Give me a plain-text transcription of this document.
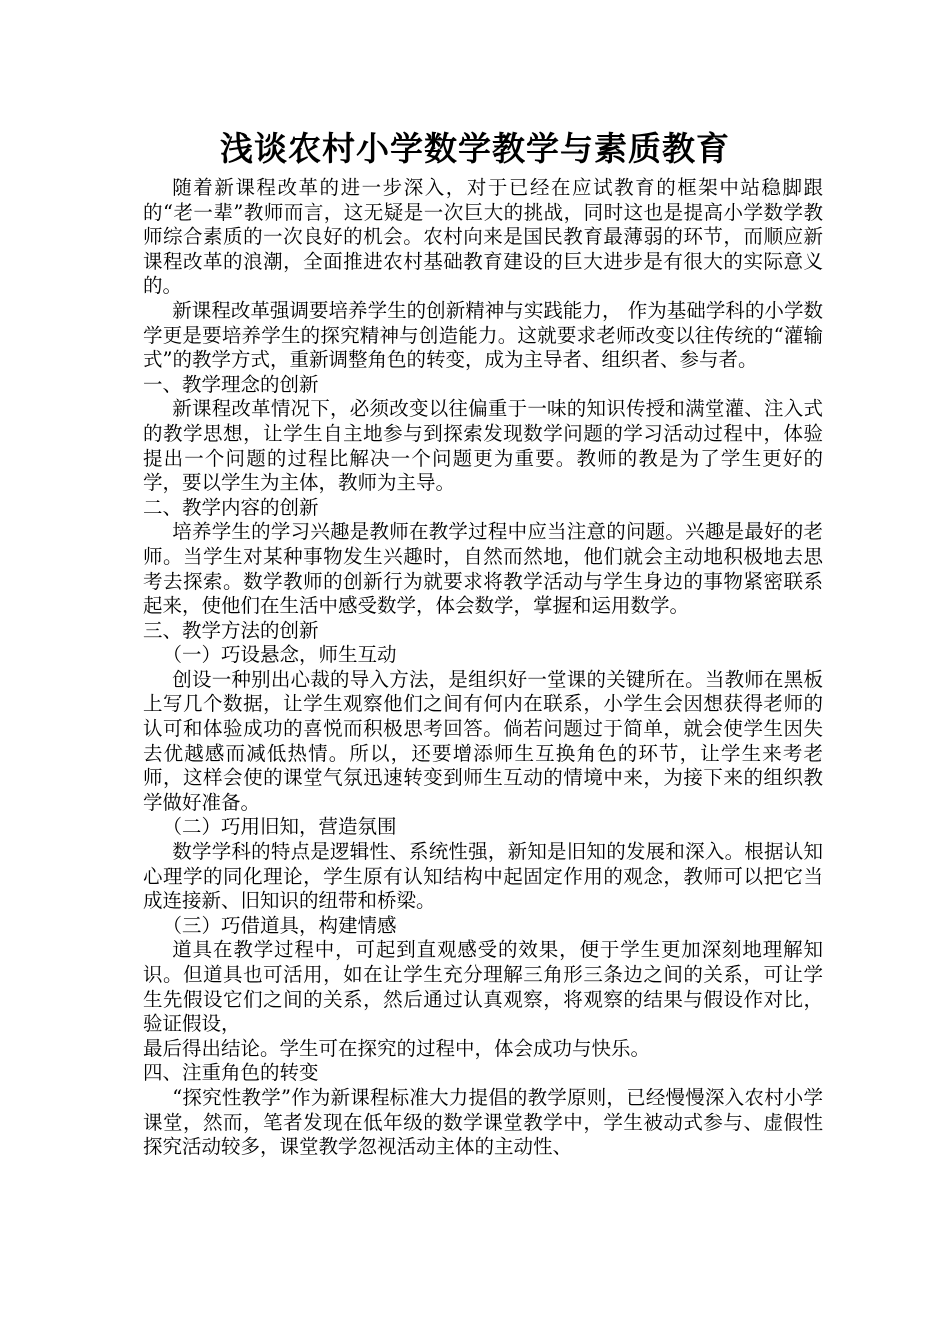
浅谈农村小学数学教学与素质教育

随着新课程改革的进一步深入，对于已经在应试教育的框架中站稳脚跟的“老一辈”教师而言，这无疑是一次巨大的挑战，同时这也是提高小学数学教师综合素质的一次良好的机会。农村向来是国民教育最薄弱的环节，而顺应新课程改革的浪潮，全面推进农村基础教育建设的巨大进步是有很大的实际意义的。

新课程改革强调要培养学生的创新精神与实践能力， 作为基础学科的小学数学更是要培养学生的探究精神与创造能力。这就要求老师改变以往传统的“灌输式”的教学方式，重新调整角色的转变，成为主导者、组织者、参与者。

一、教学理念的创新

新课程改革情况下，必须改变以往偏重于一味的知识传授和满堂灌、注入式的教学思想，让学生自主地参与到探索发现数学问题的学习活动过程中，体验提出一个问题的过程比解决一个问题更为重要。教师的教是为了学生更好的学，要以学生为主体，教师为主导。

二、教学内容的创新

培养学生的学习兴趣是教师在教学过程中应当注意的问题。兴趣是最好的老师。当学生对某种事物发生兴趣时，自然而然地，他们就会主动地积极地去思考去探索。数学教师的创新行为就要求将教学活动与学生身边的事物紧密联系起来，使他们在生活中感受数学，体会数学，掌握和运用数学。

三、教学方法的创新

（一）巧设悬念，师生互动

创设一种别出心裁的导入方法，是组织好一堂课的关键所在。当教师在黑板上写几个数据，让学生观察他们之间有何内在联系，小学生会因想获得老师的认可和体验成功的喜悦而积极思考回答。倘若问题过于简单，就会使学生因失去优越感而减低热情。所以，还要增添师生互换角色的环节，让学生来考老师，这样会使的课堂气氛迅速转变到师生互动的情境中来，为接下来的组织教学做好准备。

（二）巧用旧知，营造氛围

数学学科的特点是逻辑性、系统性强，新知是旧知的发展和深入。根据认知心理学的同化理论，学生原有认知结构中起固定作用的观念，教师可以把它当成连接新、旧知识的纽带和桥梁。

（三）巧借道具，构建情感

道具在教学过程中，可起到直观感受的效果，便于学生更加深刻地理解知识。但道具也可活用，如在让学生充分理解三角形三条边之间的关系，可让学生先假设它们之间的关系，然后通过认真观察，将观察的结果与假设作对比，验证假设，

最后得出结论。学生可在探究的过程中，体会成功与快乐。

四、注重角色的转变

“探究性教学”作为新课程标准大力提倡的教学原则，已经慢慢深入农村小学课堂，然而，笔者发现在低年级的数学课堂教学中，学生被动式参与、虚假性探究活动较多，课堂教学忽视活动主体的主动性、
